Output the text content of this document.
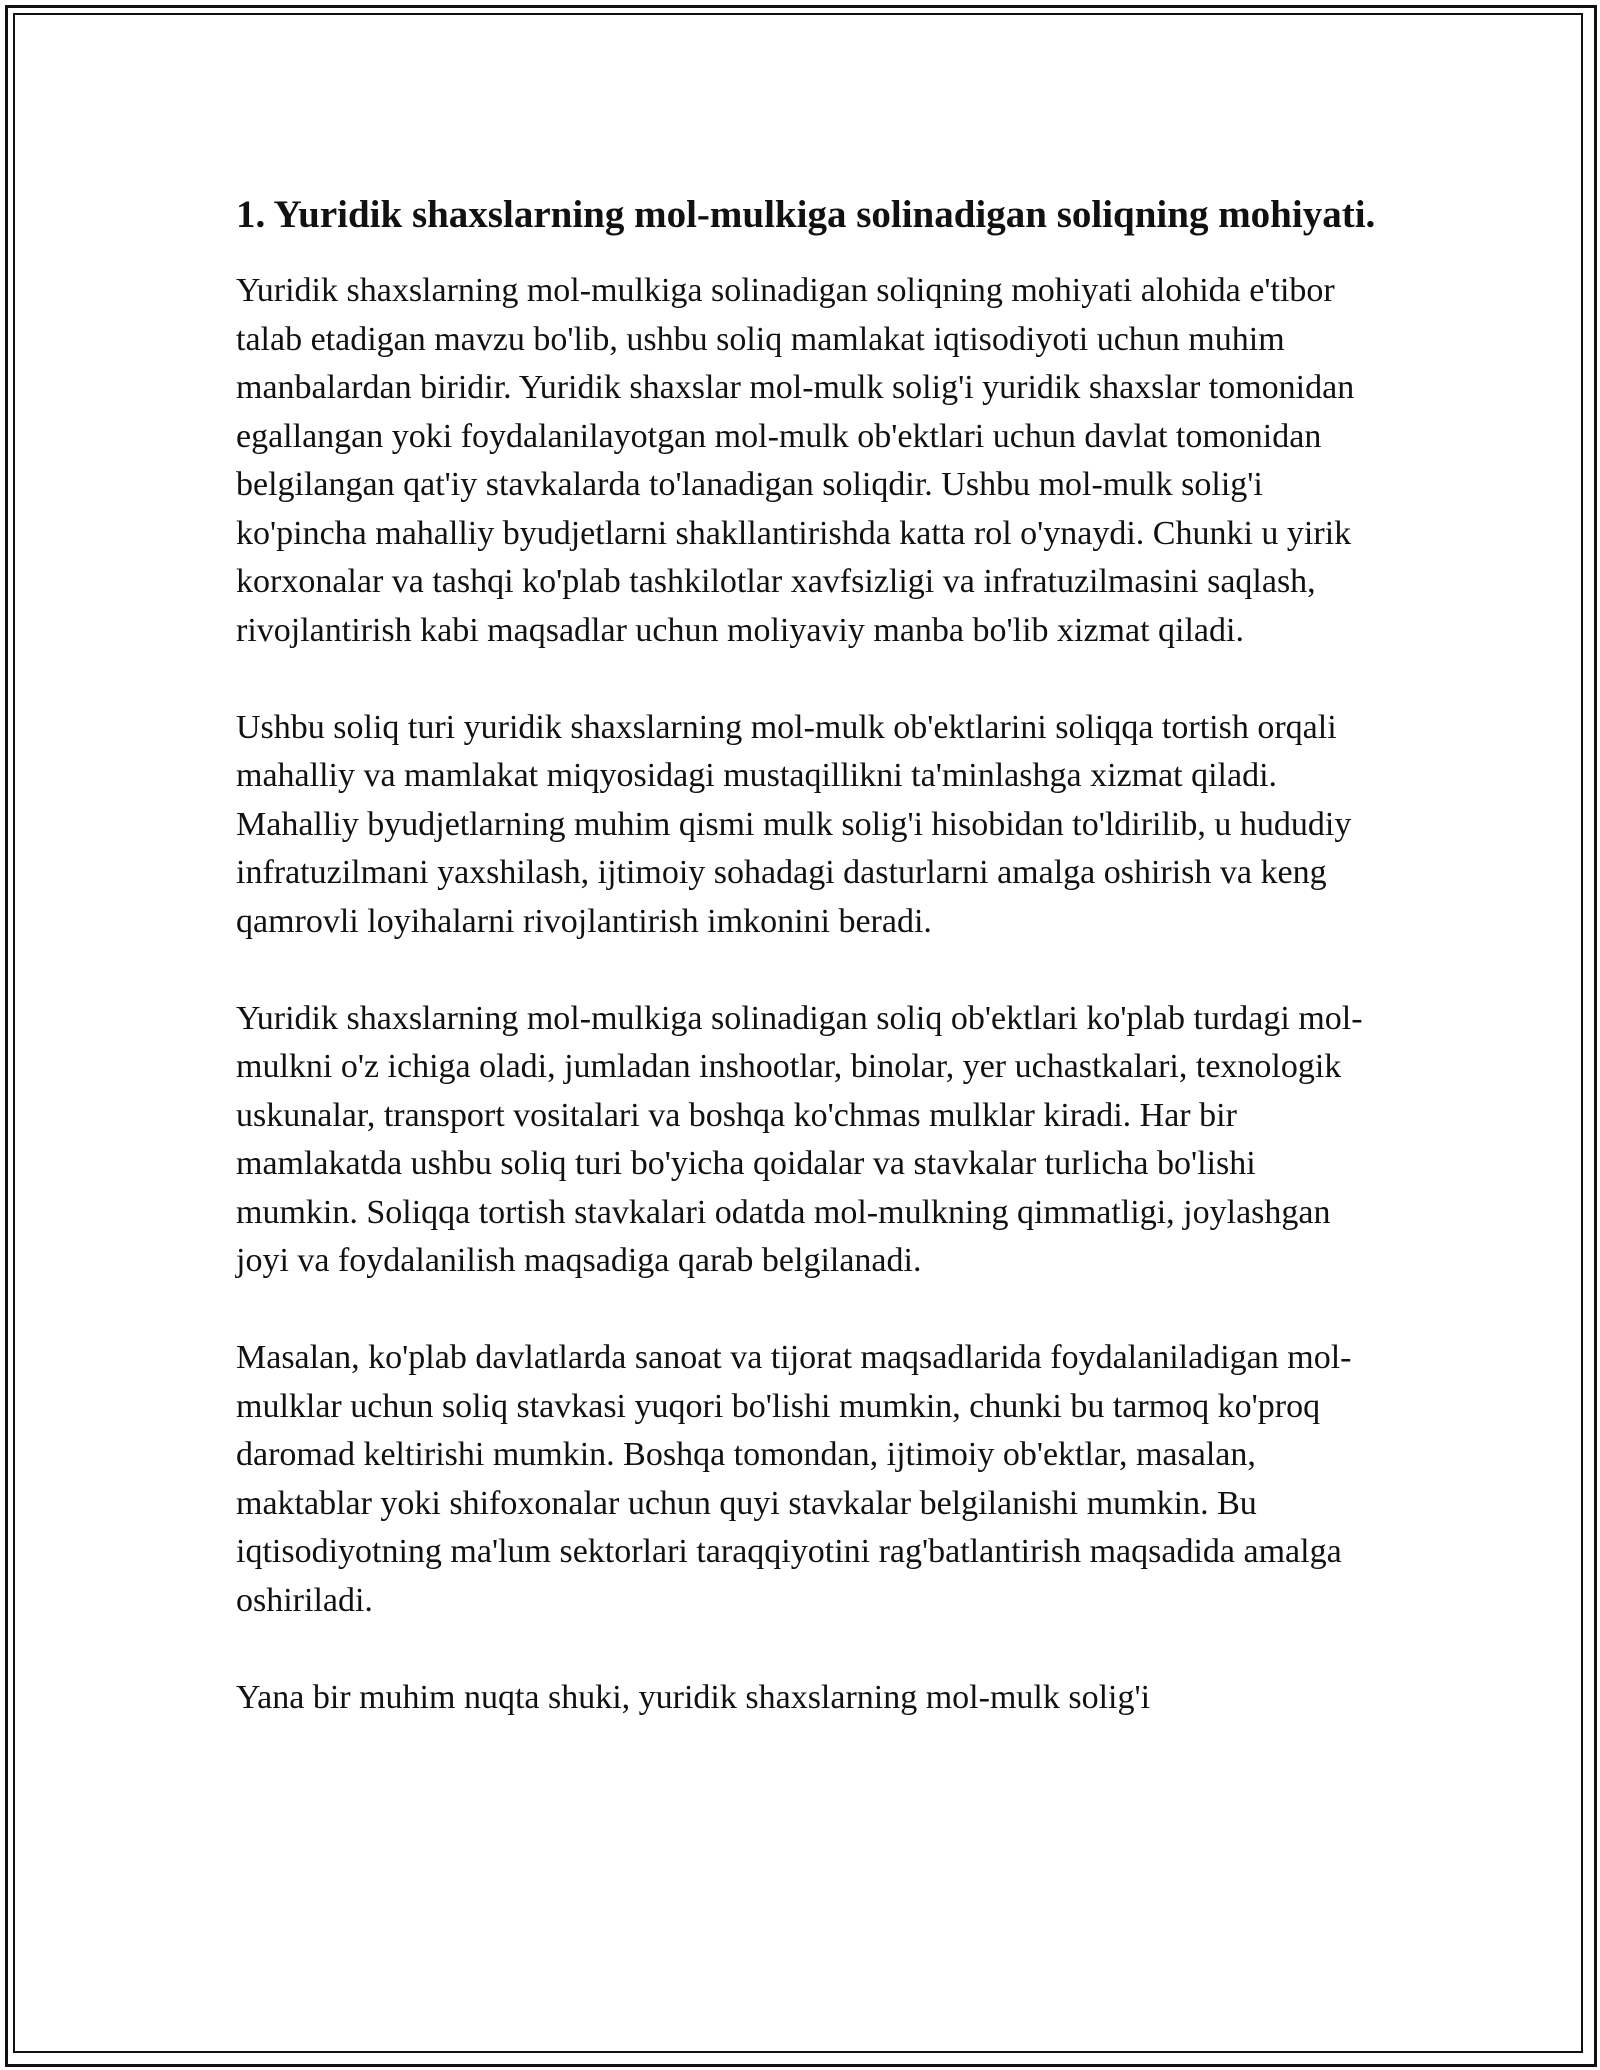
1. Yuridik shaxslarning mol-mulkiga solinadigan soliqning mohiyati.

Yuridik shaxslarning mol-mulkiga solinadigan soliqning mohiyati alohida e'tibor talab etadigan mavzu bo'lib, ushbu soliq mamlakat iqtisodiyoti uchun muhim manbalardan biridir. Yuridik shaxslar mol-mulk solig'i yuridik shaxslar tomonidan egallangan yoki foydalanilayotgan mol-mulk ob'ektlari uchun davlat tomonidan belgilangan qat'iy stavkalarda to'lanadigan soliqdir. Ushbu mol-mulk solig'i ko'pincha mahalliy byudjetlarni shakllantirishda katta rol o'ynaydi. Chunki u yirik korxonalar va tashqi ko'plab tashkilotlar xavfsizligi va infratuzilmasini saqlash, rivojlantirish kabi maqsadlar uchun moliyaviy manba bo'lib xizmat qiladi.

Ushbu soliq turi yuridik shaxslarning mol-mulk ob'ektlarini soliqqa tortish orqali mahalliy va mamlakat miqyosidagi mustaqillikni ta'minlashga xizmat qiladi. Mahalliy byudjetlarning muhim qismi mulk solig'i hisobidan to'ldirilib, u hududiy infratuzilmani yaxshilash, ijtimoiy sohadagi dasturlarni amalga oshirish va keng qamrovli loyihalarni rivojlantirish imkonini beradi.

Yuridik shaxslarning mol-mulkiga solinadigan soliq ob'ektlari ko'plab turdagi mol-mulkni o'z ichiga oladi, jumladan inshootlar, binolar, yer uchastkalari, texnologik uskunalar, transport vositalari va boshqa ko'chmas mulklar kiradi. Har bir mamlakatda ushbu soliq turi bo'yicha qoidalar va stavkalar turlicha bo'lishi mumkin. Soliqqa tortish stavkalari odatda mol-mulkning qimmatligi, joylashgan joyi va foydalanilish maqsadiga qarab belgilanadi.

Masalan, ko'plab davlatlarda sanoat va tijorat maqsadlarida foydalaniladigan mol-mulklar uchun soliq stavkasi yuqori bo'lishi mumkin, chunki bu tarmoq ko'proq daromad keltirishi mumkin. Boshqa tomondan, ijtimoiy ob'ektlar, masalan, maktablar yoki shifoxonalar uchun quyi stavkalar belgilanishi mumkin. Bu iqtisodiyotning ma'lum sektorlari taraqqiyotini rag'batlantirish maqsadida amalga oshiriladi.

Yana bir muhim nuqta shuki, yuridik shaxslarning mol-mulk solig'i
